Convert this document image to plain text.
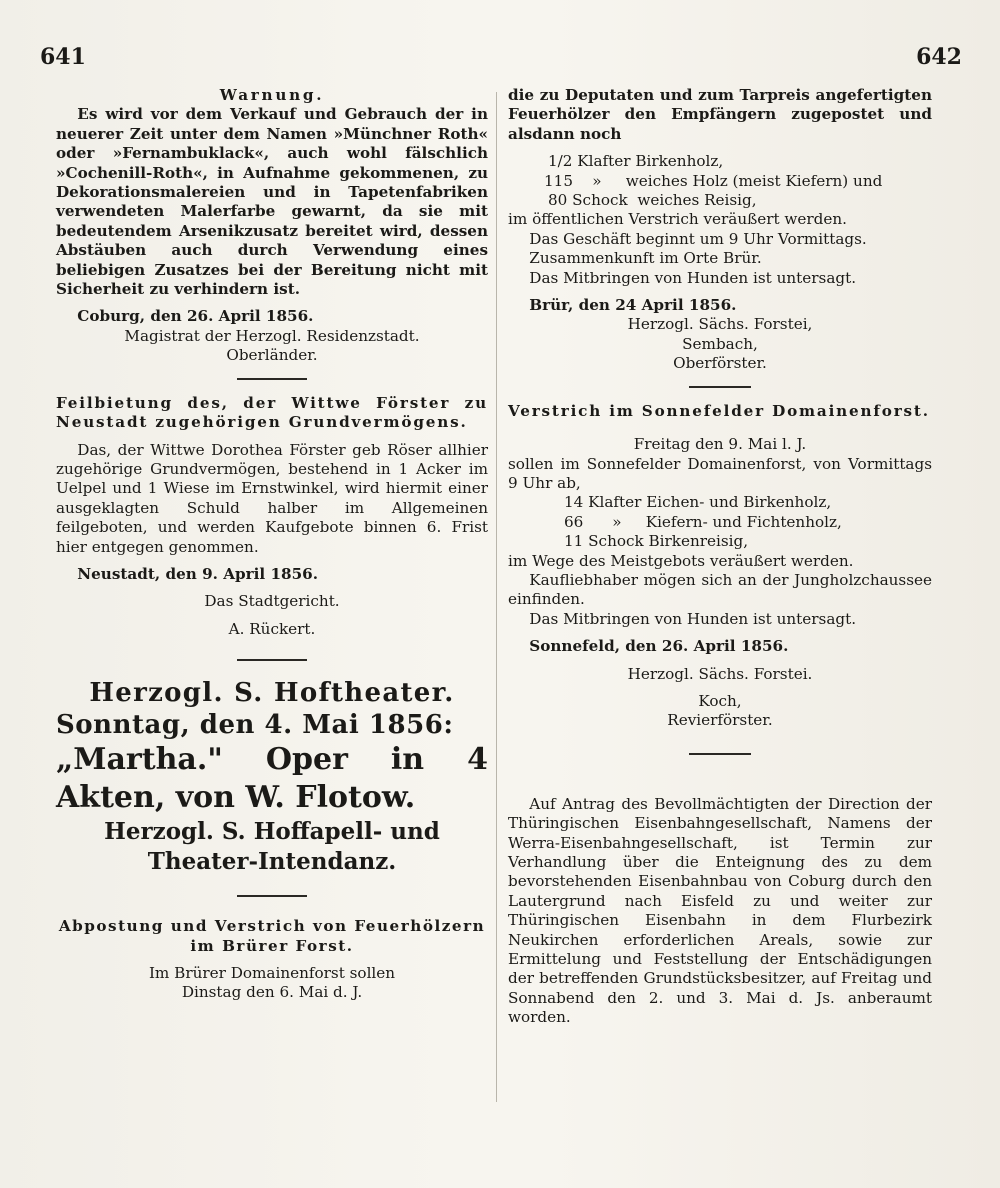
641	642

Warnung.

Es wird vor dem Verkauf und Gebrauch der in neuerer Zeit unter dem Namen »Münchner Roth« oder »Fernambuklack«, auch wohl fälschlich »Cochenill-Roth«, in Aufnahme gekommenen, zu Dekorationsmalereien und in Tapetenfabriken verwendeten Malerfarbe gewarnt, da sie mit bedeutendem Arsenikzusatz bereitet wird, dessen Abstäuben auch durch Verwendung eines beliebigen Zusatzes bei der Bereitung nicht mit Sicherheit zu verhindern ist.

Coburg, den 26. April 1856.

Magistrat der Herzogl. Residenzstadt.

Oberländer.

Feilbietung des, der Wittwe Förster zu Neustadt zugehörigen Grundvermögens.

Das, der Wittwe Dorothea Förster geb Röser allhier zugehörige Grundvermögen, bestehend in 1 Acker im Uelpel und 1 Wiese im Ernstwinkel, wird hiermit einer ausgeklagten Schuld halber im Allgemeinen feilgeboten, und werden Kaufgebote binnen 6. Frist hier entgegen genommen.

Neustadt, den 9. April 1856.

Das Stadtgericht.

A. Rückert.

Herzogl. S. Hoftheater.

Sonntag, den 4. Mai 1856:

„Martha." Oper in 4 Akten, von W. Flotow.

Herzogl. S. Hoffapell- und Theater-Intendanz.

Abpostung und Verstrich von Feuerhölzern im Brürer Forst.

Im Brürer Domainenforst sollen

Dinstag den 6. Mai d. J.

die zu Deputaten und zum Tarpreis angefertigten Feuerhölzer den Empfängern zugepostet und alsdann noch

1/2 Klafter Birkenholz,

115    »     weiches Holz (meist Kiefern) und

80 Schock  weiches Reisig,

im öffentlichen Verstrich veräußert werden.

Das Geschäft beginnt um 9 Uhr Vormittags.

Zusammenkunft im Orte Brür.

Das Mitbringen von Hunden ist untersagt.

Brür, den 24 April 1856.

Herzogl. Sächs. Forstei,

Sembach,

Oberförster.

Verstrich im Sonnefelder Domainenforst.

Freitag den 9. Mai l. J.

sollen im Sonnefelder Domainenforst, von Vormittags 9 Uhr ab,

14 Klafter Eichen- und Birkenholz,

66      »     Kiefern- und Fichtenholz,

11 Schock Birkenreisig,

im Wege des Meistgebots veräußert werden.

Kaufliebhaber mögen sich an der Jungholzchaussee einfinden.

Das Mitbringen von Hunden ist untersagt.

Sonnefeld, den 26. April 1856.

Herzogl. Sächs. Forstei.

Koch,

Revierförster.

Auf Antrag des Bevollmächtigten der Direction der Thüringischen Eisenbahngesellschaft, Namens der Werra-Eisenbahngesellschaft, ist Termin zur Verhandlung über die Enteignung des zu dem bevorstehenden Eisenbahnbau von Coburg durch den Lautergrund nach Eisfeld zu und weiter zur Thüringischen Eisenbahn in dem Flurbezirk Neukirchen erforderlichen Areals, sowie zur Ermittelung und Feststellung der Entschädigungen der betreffenden Grundstücksbesitzer, auf Freitag und Sonnabend den 2. und 3. Mai d. Js. anberaumt worden.
